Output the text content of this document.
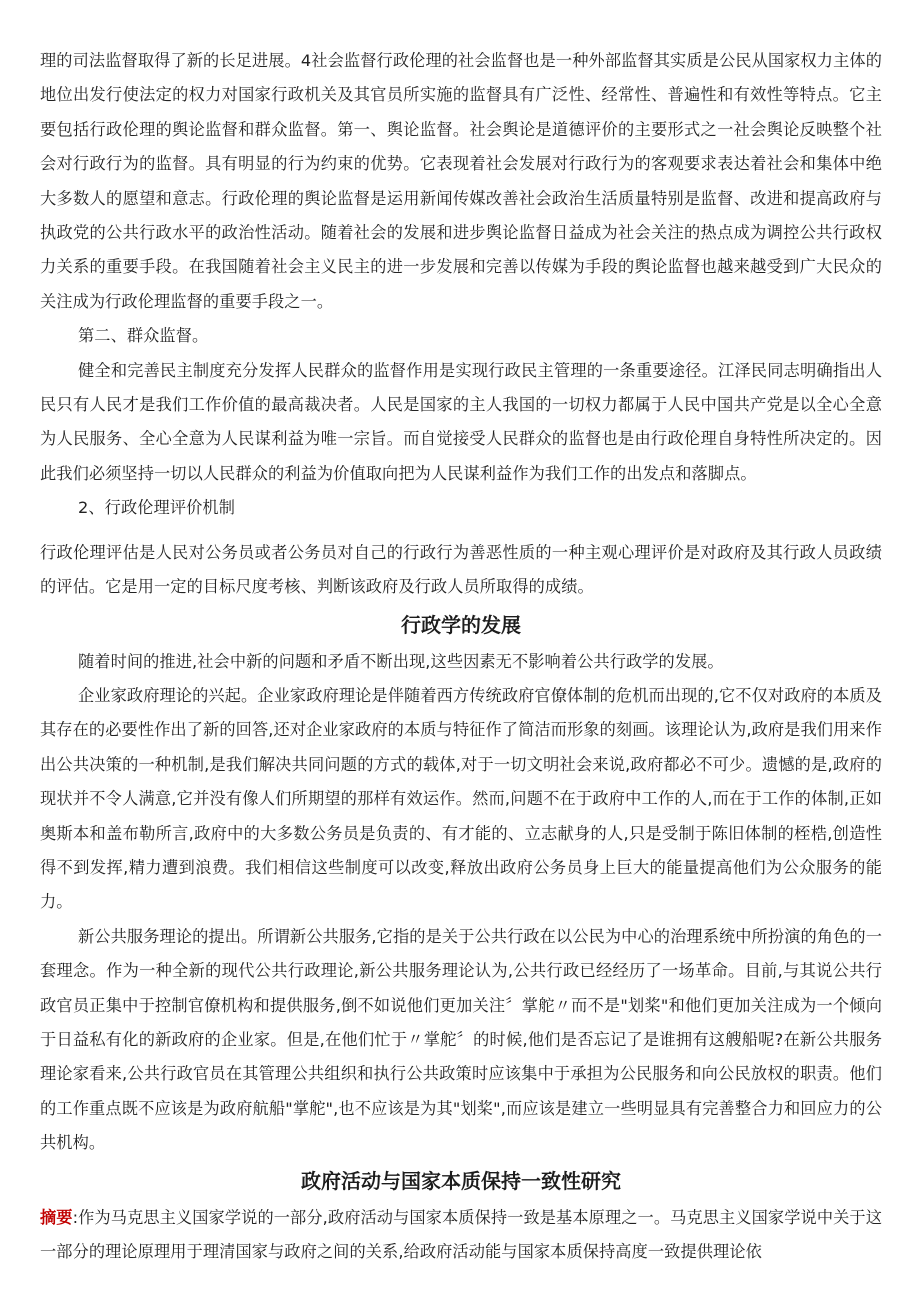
理的司法监督取得了新的长足进展。4社会监督行政伦理的社会监督也是一种外部监督其实质是公民从国家权力主体的地位出发行使法定的权力对国家行政机关及其官员所实施的监督具有广泛性、经常性、普遍性和有效性等特点。它主要包括行政伦理的舆论监督和群众监督。第一、舆论监督。社会舆论是道德评价的主要形式之一社会舆论反映整个社会对行政行为的监督。具有明显的行为约束的优势。它表现着社会发展对行政行为的客观要求表达着社会和集体中绝大多数人的愿望和意志。行政伦理的舆论监督是运用新闻传媒改善社会政治生活质量特别是监督、改进和提高政府与执政党的公共行政水平的政治性活动。随着社会的发展和进步舆论监督日益成为社会关注的热点成为调控公共行政权力关系的重要手段。在我国随着社会主义民主的进一步发展和完善以传媒为手段的舆论监督也越来越受到广大民众的关注成为行政伦理监督的重要手段之一。

第二、群众监督。

健全和完善民主制度充分发挥人民群众的监督作用是实现行政民主管理的一条重要途径。江泽民同志明确指出人民只有人民才是我们工作价值的最高裁决者。人民是国家的主人我国的一切权力都属于人民中国共产党是以全心全意为人民服务、全心全意为人民谋利益为唯一宗旨。而自觉接受人民群众的监督也是由行政伦理自身特性所决定的。因此我们必须坚持一切以人民群众的利益为价值取向把为人民谋利益作为我们工作的出发点和落脚点。

2、行政伦理评价机制

行政伦理评估是人民对公务员或者公务员对自己的行政行为善恶性质的一种主观心理评价是对政府及其行政人员政绩的评估。它是用一定的目标尺度考核、判断该政府及行政人员所取得的成绩。

行政学的发展

随着时间的推进,社会中新的问题和矛盾不断出现,这些因素无不影响着公共行政学的发展。

企业家政府理论的兴起。企业家政府理论是伴随着西方传统政府官僚体制的危机而出现的,它不仅对政府的本质及其存在的必要性作出了新的回答,还对企业家政府的本质与特征作了简洁而形象的刻画。该理论认为,政府是我们用来作出公共决策的一种机制,是我们解决共同问题的方式的载体,对于一切文明社会来说,政府都必不可少。遗憾的是,政府的现状并不令人满意,它并没有像人们所期望的那样有效运作。然而,问题不在于政府中工作的人,而在于工作的体制,正如奥斯本和盖布勒所言,政府中的大多数公务员是负责的、有才能的、立志献身的人,只是受制于陈旧体制的桎梏,创造性得不到发挥,精力遭到浪费。我们相信这些制度可以改变,释放出政府公务员身上巨大的能量提高他们为公众服务的能力。

新公共服务理论的提出。所谓新公共服务,它指的是关于公共行政在以公民为中心的治理系统中所扮演的角色的一套理念。作为一种全新的现代公共行政理论,新公共服务理论认为,公共行政已经经历了一场革命。目前,与其说公共行政官员正集中于控制官僚机构和提供服务,倒不如说他们更加关注〞掌舵〃而不是"划桨"和他们更加关注成为一个倾向于日益私有化的新政府的企业家。但是,在他们忙于〃掌舵〞的时候,他们是否忘记了是谁拥有这艘船呢?在新公共服务理论家看来,公共行政官员在其管理公共组织和执行公共政策时应该集中于承担为公民服务和向公民放权的职责。他们的工作重点既不应该是为政府航船"掌舵",也不应该是为其"划桨",而应该是建立一些明显具有完善整合力和回应力的公共机构。

政府活动与国家本质保持一致性研究

摘要:作为马克思主义国家学说的一部分,政府活动与国家本质保持一致是基本原理之一。马克思主义国家学说中关于这一部分的理论原理用于理清国家与政府之间的关系,给政府活动能与国家本质保持高度一致提供理论依
